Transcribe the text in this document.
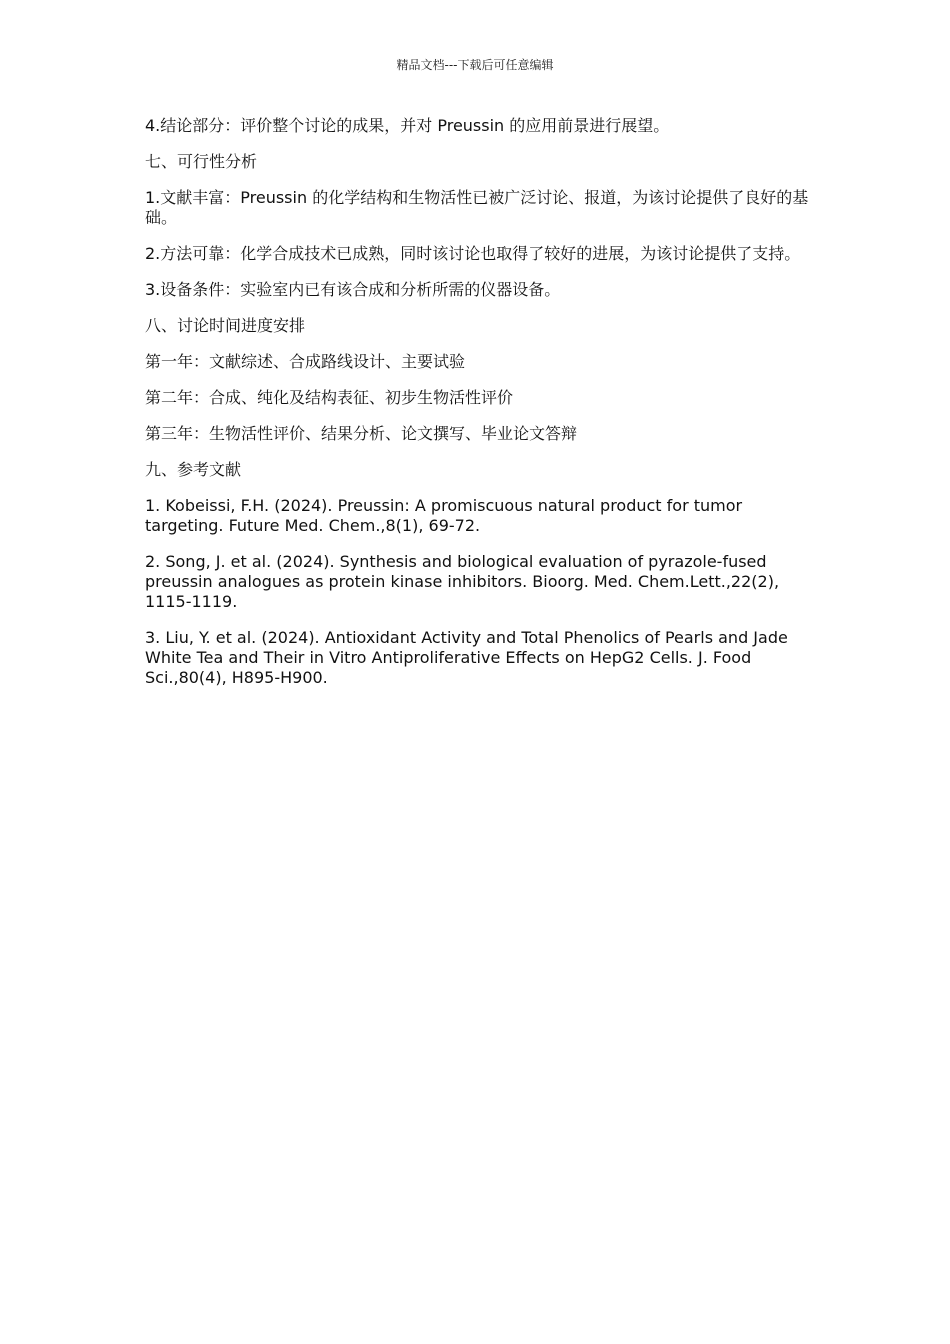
精品文档---下载后可任意编辑

4.结论部分：评价整个讨论的成果，并对 Preussin 的应用前景进行展望。

七、可行性分析

1.文献丰富：Preussin 的化学结构和生物活性已被广泛讨论、报道，为该讨论提供了良好的基础。

2.方法可靠：化学合成技术已成熟，同时该讨论也取得了较好的进展，为该讨论提供了支持。

3.设备条件：实验室内已有该合成和分析所需的仪器设备。

八、讨论时间进度安排

第一年：文献综述、合成路线设计、主要试验

第二年：合成、纯化及结构表征、初步生物活性评价

第三年：生物活性评价、结果分析、论文撰写、毕业论文答辩

九、参考文献

1. Kobeissi, F.H. (2024). Preussin: A promiscuous natural product for tumor targeting. Future Med. Chem.,8(1), 69-72.

2. Song, J. et al. (2024). Synthesis and biological evaluation of pyrazole-fused preussin analogues as protein kinase inhibitors. Bioorg. Med. Chem.Lett.,22(2), 1115-1119.

3. Liu, Y. et al. (2024). Antioxidant Activity and Total Phenolics of Pearls and Jade White Tea and Their in Vitro Antiproliferative Effects on HepG2 Cells. J. Food Sci.,80(4), H895-H900.
